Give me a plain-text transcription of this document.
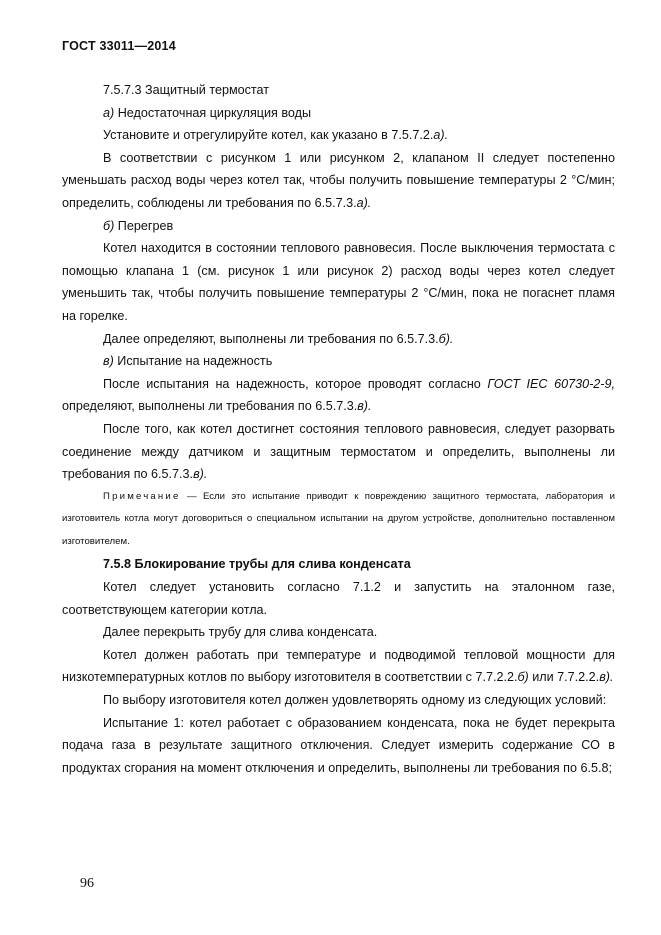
ГОСТ 33011—2014

7.5.7.3 Защитный термостат

а) Недостаточная циркуляция воды

Установите и отрегулируйте котел, как указано в 7.5.7.2.а).

В соответствии с рисунком 1 или рисунком 2, клапаном II следует постепенно уменьшать расход воды через котел так, чтобы получить повышение температуры 2 °С/мин; определить, соблюдены ли требования по 6.5.7.3.а).

б) Перегрев

Котел находится в состоянии теплового равновесия. После выключения термостата с помощью клапана 1 (см. рисунок 1 или рисунок 2) расход воды через котел следует уменьшить так, чтобы получить повышение температуры 2 °С/мин, пока не погаснет пламя на горелке.

Далее определяют, выполнены ли требования по 6.5.7.3.б).

в) Испытание на надежность

После испытания на надежность, которое проводят согласно ГОСТ IEC 60730-2-9, определяют, выполнены ли требования по 6.5.7.3.в).

После того, как котел достигнет состояния теплового равновесия, следует разорвать соединение между датчиком и защитным термостатом и определить, выполнены ли требования по 6.5.7.3.в).

Примечание — Если это испытание приводит к повреждению защитного термостата, лаборатория и изготовитель котла могут договориться о специальном испытании на другом устройстве, дополнительно поставленном изготовителем.

7.5.8 Блокирование трубы для слива конденсата

Котел следует установить согласно 7.1.2 и запустить на эталонном газе, соответствующем категории котла.

Далее перекрыть трубу для слива конденсата.

Котел должен работать при температуре и подводимой тепловой мощности для низкотемпературных котлов по выбору изготовителя в соответствии с 7.7.2.2.б) или 7.7.2.2.в).

По выбору изготовителя котел должен удовлетворять одному из следующих условий:

Испытание 1: котел работает с образованием конденсата, пока не будет перекрыта подача газа в результате защитного отключения. Следует измерить содержание СО в продуктах сгорания на момент отключения и определить, выполнены ли требования по 6.5.8;

96
